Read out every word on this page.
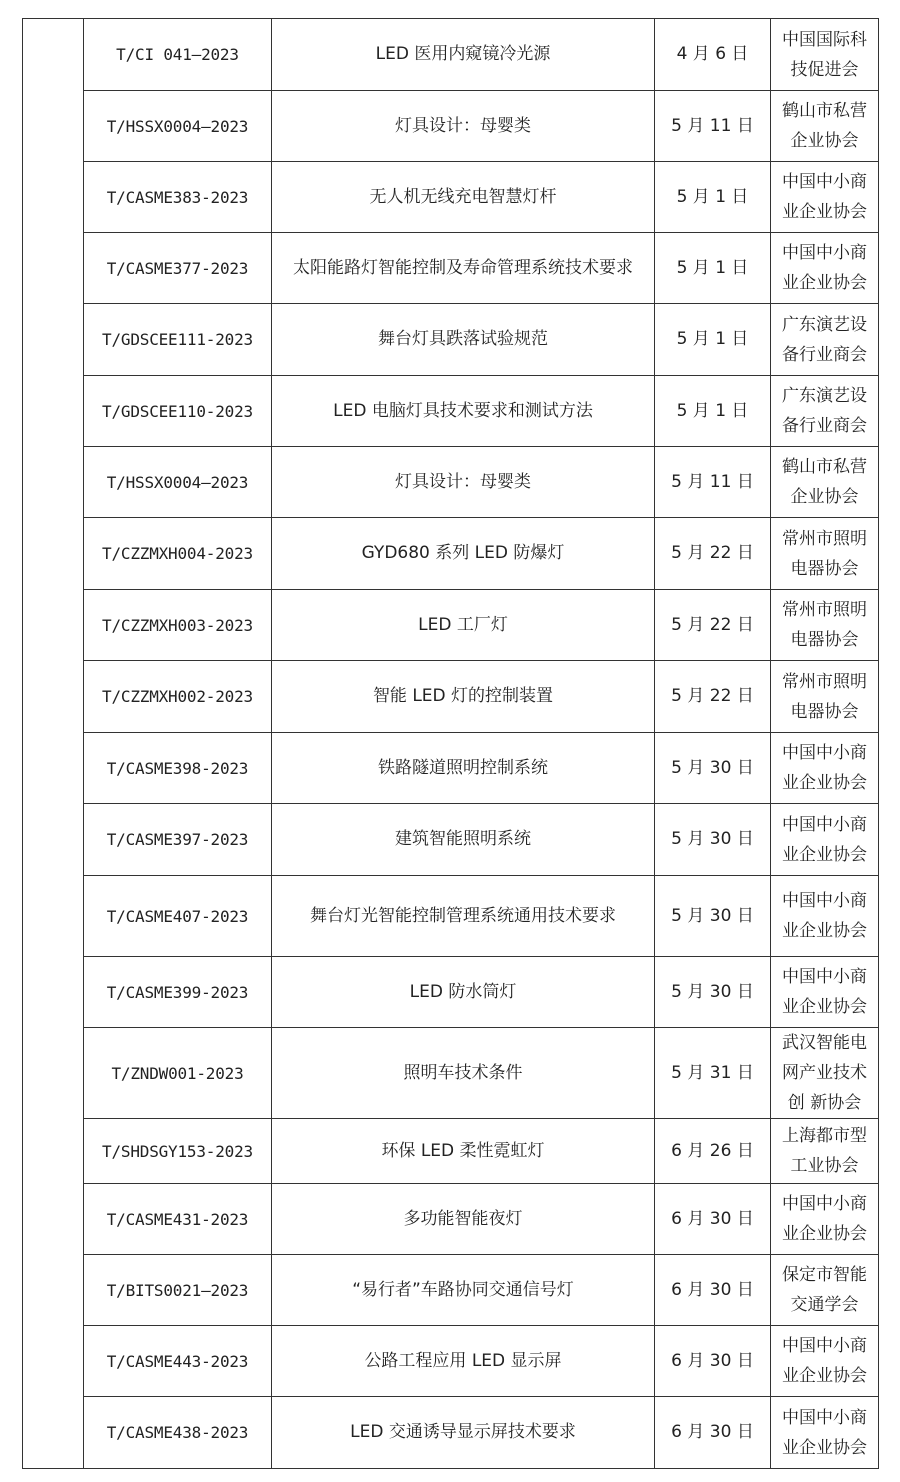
	T/CI 041—2023	LED 医用内窥镜冷光源	4 月 6 日	中国国际科技促进会
	T/HSSX0004—2023	灯具设计：母婴类	5 月 11 日	鹤山市私营企业协会
	T/CASME383-2023	无人机无线充电智慧灯杆	5 月 1 日	中国中小商业企业协会
	T/CASME377-2023	太阳能路灯智能控制及寿命管理系统技术要求	5 月 1 日	中国中小商业企业协会
	T/GDSCEE111-2023	舞台灯具跌落试验规范	5 月 1 日	广东演艺设备行业商会
	T/GDSCEE110-2023	LED 电脑灯具技术要求和测试方法	5 月 1 日	广东演艺设备行业商会
	T/HSSX0004—2023	灯具设计：母婴类	5 月 11 日	鹤山市私营企业协会
	T/CZZMXH004-2023	GYD680 系列 LED 防爆灯	5 月 22 日	常州市照明电器协会
	T/CZZMXH003-2023	LED 工厂灯	5 月 22 日	常州市照明电器协会
	T/CZZMXH002-2023	智能 LED 灯的控制装置	5 月 22 日	常州市照明电器协会
	T/CASME398-2023	铁路隧道照明控制系统	5 月 30 日	中国中小商业企业协会
	T/CASME397-2023	建筑智能照明系统	5 月 30 日	中国中小商业企业协会
	T/CASME407-2023	舞台灯光智能控制管理系统通用技术要求	5 月 30 日	中国中小商业企业协会
	T/CASME399-2023	LED 防水筒灯	5 月 30 日	中国中小商业企业协会
	T/ZNDW001-2023	照明车技术条件	5 月 31 日	武汉智能电网产业技术创 新协会
	T/SHDSGY153-2023	环保 LED 柔性霓虹灯	6 月 26 日	上海都市型工业协会
	T/CASME431-2023	多功能智能夜灯	6 月 30 日	中国中小商业企业协会
	T/BITS0021—2023	“易行者”车路协同交通信号灯	6 月 30 日	保定市智能交通学会
	T/CASME443-2023	公路工程应用 LED 显示屏	6 月 30 日	中国中小商业企业协会
	T/CASME438-2023	LED 交通诱导显示屏技术要求	6 月 30 日	中国中小商业企业协会
